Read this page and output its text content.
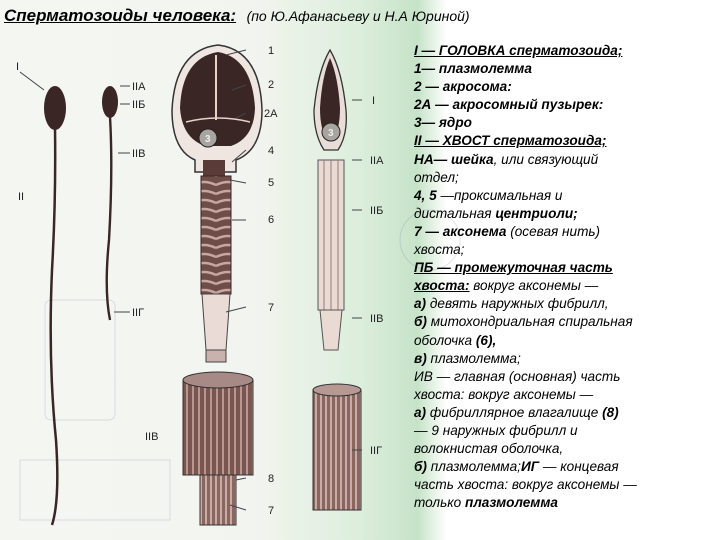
Сперматозоиды человека: (по Ю.Афанасьеву и Н.А Юриной)
I
IIA
IIБ
IIB
II
IIГ
IIB
1
2
2A
4
5
6
7
8
7
I
IIA
IIБ
IIB
IIГ
3
3

I — ГОЛОВКА сперматозоида;

1— плазмолемма

2 — акросома:

2А — акросомный пузырек:

3— ядро

II — ХВОСТ сперматозоида;

НА— шейка, или связующий

отдел;

4, 5 —проксимальная и

дистальная центриоли;

7 — аксонема (осевая нить)

хвоста;

ПБ — промежуточная часть

хвоста: вокруг аксонемы —

а) девять наружных фибрилл,

б) митохондриальная спиральная

оболочка (6),

в) плазмолемма;

ИВ — главная (основная) часть

хвоста: вокруг аксонемы —

а) фибриллярное влагалище (8)

— 9 наружных фибрилл и

волокнистая оболочка,

б) плазмолемма;ИГ — концевая

часть хвоста: вокруг аксонемы —

только плазмолемма
